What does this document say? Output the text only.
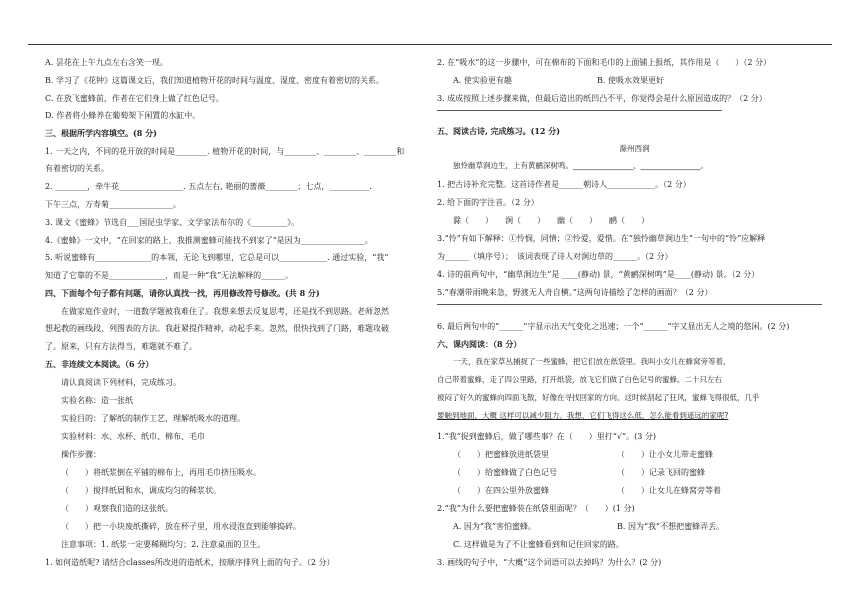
A. 昙花在上午九点左右含笑一现。
B. 学习了《花钟》这篇课文后，我们知道植物开花的时间与温度、湿度、密度有着密切的关系。
C. 在放飞蜜蜂前，作者在它们身上做了红色记号。
D. 作者将小蜂养在葡萄架下闲置的水缸中。
三、根据所学内容填空。(8 分)
1. 一天之内，不同的花开放的时间是________. 植物开花的时间，与________、________、________和
有着密切的关系。
2. ________，牵牛花________________. 五点左右, 艳丽的蔷薇________；七点，__________.
下午三点，万寿菊________________。
3. 课文《蜜蜂》节选自___国昆虫学家、文学家法布尔的《_________》。
4.《蜜蜂》一文中，“在回家的路上，我推测蜜蜂可能找不到家了”是因为________________。
5. 听说蜜蜂有______________的本领，无论飞到哪里，它总是可以____________. 通过实验，“我”
知道了它靠的不是______________，而是一种“我”无法解释的______。
四、下面每个句子都有问题，请你认真找一找，再用修改符号修改。(共 8 分)
在做家庭作业时，一道数学题被我难住了。我想来想去反复思考，还是找不到思路。老师忽然
想起教的画线段、列图表的方法。我赶紧提作精神，动起手来。忽然，很快找到了门路，难题攻破
了。原来，只有方法得当，难题就不难了。
五、非连续文本阅读。（6 分）
请认真阅读下列材料，完成练习。
实验名称：造一张纸
实验目的：了解纸的制作工艺，理解纸吸水的道理。
实验材料：水、水杯、纸巾、棉布、毛巾
操作步骤：
（　　）将纸浆倒在平铺的棉布上，再用毛巾挤压吸水。
（　　）搅拌纸屑和水，调成均匀的稀浆状。
（　　）观察我们造的这张纸。
（　　）把一小块废纸撕碎，放在杯子里，用水浸泡直到能够捣碎。
注意事项：1. 纸浆一定要稀稠均匀；2. 注意桌面的卫生。
1. 如何造纸呢? 请结合classes所改进的造纸术，按顺序排列上面的句子。（2 分）
2. 在“吸水”的这一步骤中，可在棉布的下面和毛巾的上面铺上报纸，其作用是（　　）（2 分）
A. 使实验更有趣	B. 使吸水效果更好
3. 成成按照上述步骤来做，但最后造出的纸凹凸不平，你觉得会是什么原因造成的？（2 分）
五、阅读古诗, 完成练习。(12 分)
滁州西涧
独怜幽草涧边生，上有黄鹂深树鸣。________________，________________。
1. 把古诗补充完整。这首诗作者是______朝诗人____________。（2 分）
2. 给下面的字注音。（2 分）
滁（　　）　　涧（　　）　　幽（　　）　　鹂（　　）
3.“怜”有如下解释：①怜悯，同情；②怜爱，爱惜。在“独怜幽草涧边生”一句中的“怜”应解释
为______（填序号）；　该词表现了诗人对涧边草的______。（2 分）
4. 诗的前两句中，“幽草涧边生”是 ____(静动) 景，“黄鹂深树鸣”是____(静动) 景。（2 分）
5.“春潮带雨晚来急，野渡无人舟自横。”这两句诗描绘了怎样的画面？（2 分）
6. 最后两句中的“______”字显示出天气变化之迅速；一个“______”字又显出无人之境的悠闲。(2 分)
六、课内阅读：（8 分）
一天，我在家草丛捕捉了一些蜜蜂，把它们放在纸袋里。我叫小女儿在蜂窝旁等着，
自己带着蜜蜂，走了四公里路，打开纸袋，放飞它们做了白色记号的蜜蜂。二十只左右
被闷了好久的蜜蜂向四面飞散，好像在寻找回家的方向。这时候刮起了狂风，蜜蜂飞得很低，几乎
要触到地面，大概 这样可以减少阻力。我想，它们飞得这么低，怎么能看到遥远的家呢?
1.“我”捉到蜜蜂后，做了哪些事？在（　　）里打“√”。(3 分)
（　　）把蜜蜂放进纸袋里	（　　）让小女儿带走蜜蜂
（　　）给蜜蜂做了白色记号	（　　）记录飞回的蜜蜂
（　　）在四公里外放蜜蜂	（　　）让女儿在蜂窝旁等着
2.“我”为什么要把蜜蜂装在纸袋里面呢？（　　）(1 分)
A. 因为“我”害怕蜜蜂。	B. 因为“我”不想把蜜蜂弄丢。
C. 这样做是为了不让蜜蜂看到和记住回家的路。
3. 画线的句子中，“大概”这个词语可以去掉吗？为什么？(2 分)
